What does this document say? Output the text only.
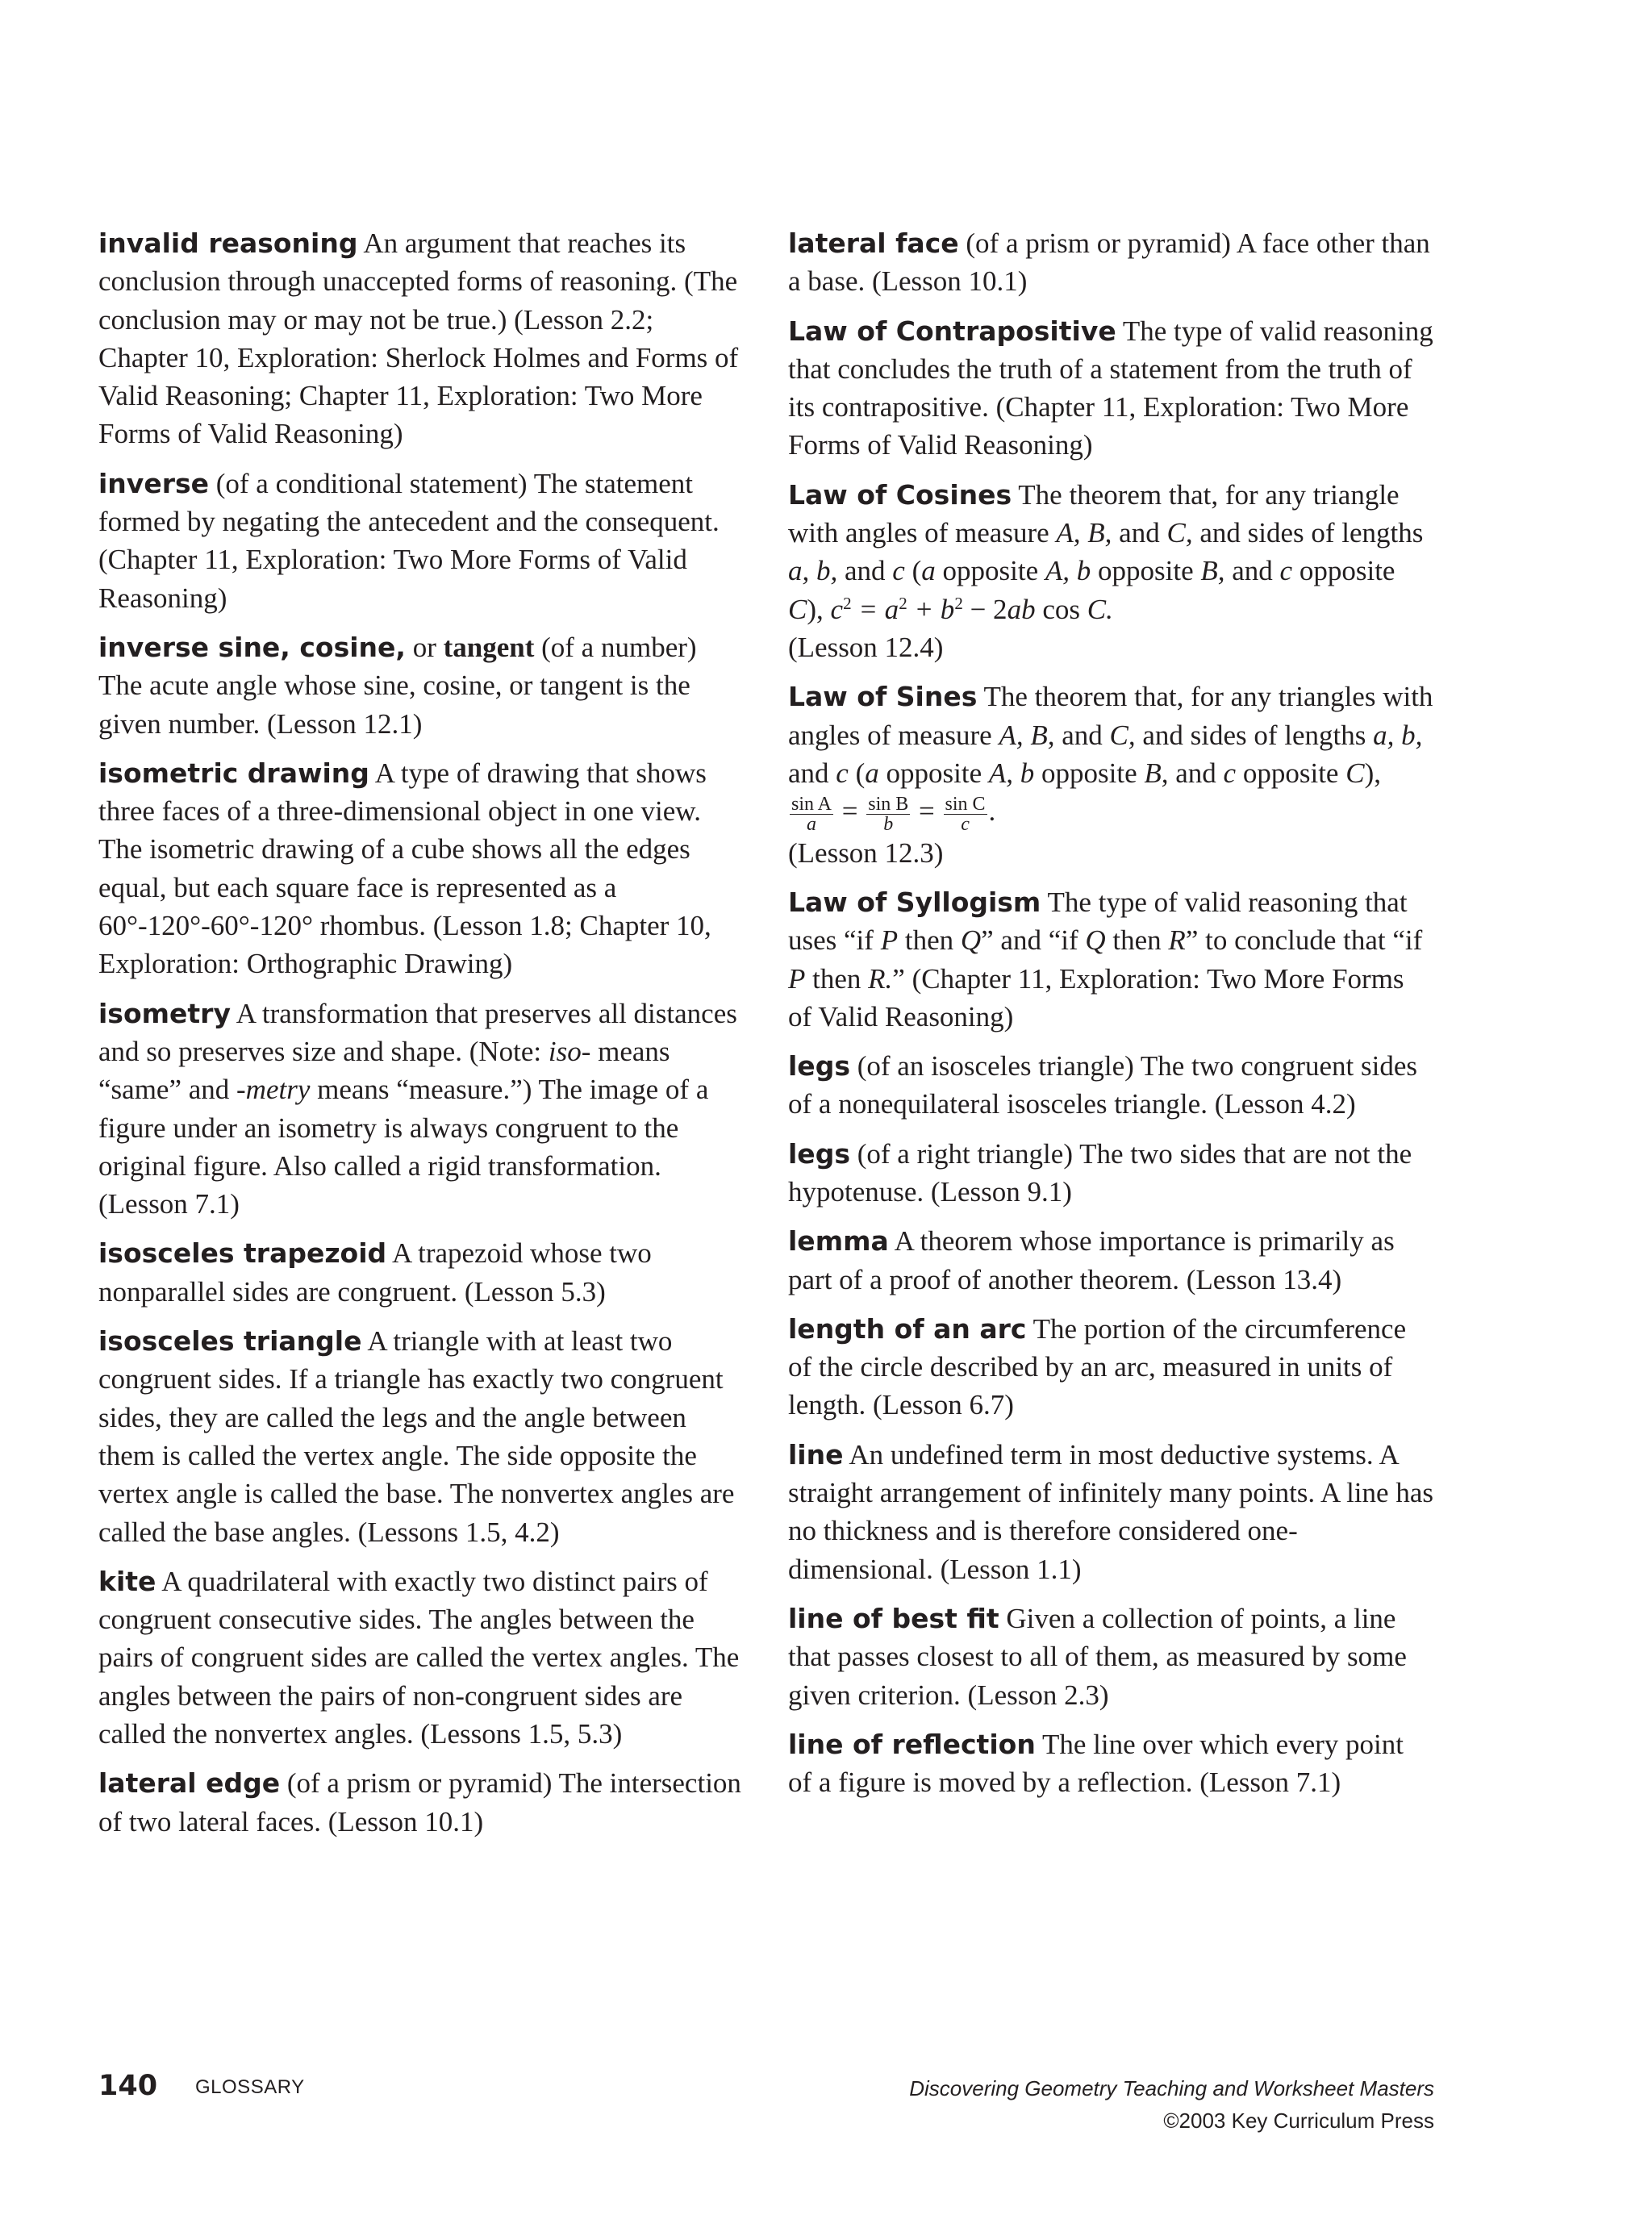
invalid reasoning An argument that reaches its conclusion through unaccepted forms of reasoning. (The conclusion may or may not be true.) (Lesson 2.2; Chapter 10, Exploration: Sherlock Holmes and Forms of Valid Reasoning; Chapter 11, Exploration: Two More Forms of Valid Reasoning)

inverse (of a conditional statement) The statement formed by negating the antecedent and the consequent. (Chapter 11, Exploration: Two More Forms of Valid Reasoning)

inverse sine, cosine, or tangent (of a number) The acute angle whose sine, cosine, or tangent is the given number. (Lesson 12.1)

isometric drawing A type of drawing that shows three faces of a three-dimensional object in one view. The isometric drawing of a cube shows all the edges equal, but each square face is represented as a 60°-120°-60°-120° rhombus. (Lesson 1.8; Chapter 10, Exploration: Orthographic Drawing)

isometry A transformation that preserves all distances and so preserves size and shape. (Note: iso- means “same” and -metry means “measure.”) The image of a figure under an isometry is always congruent to the original figure. Also called a rigid transformation. (Lesson 7.1)

isosceles trapezoid A trapezoid whose two nonparallel sides are congruent. (Lesson 5.3)

isosceles triangle A triangle with at least two congruent sides. If a triangle has exactly two congruent sides, they are called the legs and the angle between them is called the vertex angle. The side opposite the vertex angle is called the base. The nonvertex angles are called the base angles. (Lessons 1.5, 4.2)

kite A quadrilateral with exactly two distinct pairs of congruent consecutive sides. The angles between the pairs of congruent sides are called the vertex angles. The angles between the pairs of non-congruent sides are called the nonvertex angles. (Lessons 1.5, 5.3)

lateral edge (of a prism or pyramid) The intersection of two lateral faces. (Lesson 10.1)

lateral face (of a prism or pyramid) A face other than a base. (Lesson 10.1)

Law of Contrapositive The type of valid reasoning that concludes the truth of a statement from the truth of its contrapositive. (Chapter 11, Exploration: Two More Forms of Valid Reasoning)

Law of Cosines The theorem that, for any triangle with angles of measure A, B, and C, and sides of lengths a, b, and c (a opposite A, b opposite B, and c opposite C), $c^2 = a^2 + b^2 - 2ab$ cos C.
(Lesson 12.4)

Law of Sines The theorem that, for any triangles with angles of measure A, B, and C, and sides of lengths a, b, and c (a opposite A, b opposite B, and c opposite C),
$\frac{\text{sin A}}{a} = \frac{\text{sin B}}{b} = \frac{\text{sin C}}{c}$ .
(Lesson 12.3)

Law of Syllogism The type of valid reasoning that uses “if P then Q” and “if Q then R” to conclude that “if P then R.” (Chapter 11, Exploration: Two More Forms of Valid Reasoning)

legs (of an isosceles triangle) The two congruent sides of a nonequilateral isosceles triangle. (Lesson 4.2)

legs (of a right triangle) The two sides that are not the hypotenuse. (Lesson 9.1)

lemma A theorem whose importance is primarily as part of a proof of another theorem. (Lesson 13.4)

length of an arc The portion of the circumference of the circle described by an arc, measured in units of length. (Lesson 6.7)

line An undefined term in most deductive systems. A straight arrangement of infinitely many points. A line has no thickness and is therefore considered one-dimensional. (Lesson 1.1)

line of best fit Given a collection of points, a line that passes closest to all of them, as measured by some given criterion. (Lesson 2.3)

line of reflection The line over which every point of a figure is moved by a reflection. (Lesson 7.1)

140 GLOSSARY	Discovering Geometry Teaching and Worksheet Masters
©2003 Key Curriculum Press
